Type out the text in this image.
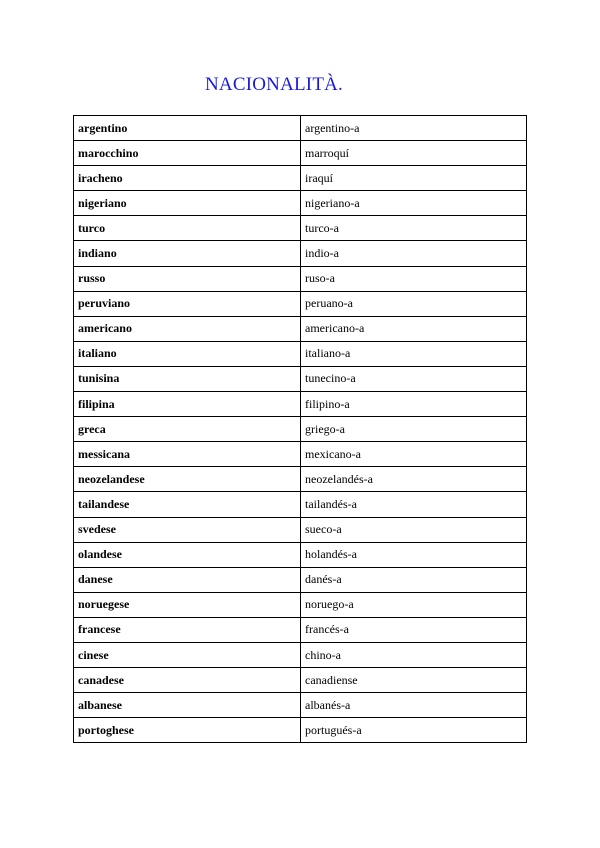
NACIONALITÀ.
argentino	argentino-a
marocchino	marroquí
iracheno	iraquí
nigeriano	nigeriano-a
turco	turco-a
indiano	indio-a
russo	ruso-a
peruviano	peruano-a
americano	americano-a
italiano	italiano-a
tunisina	tunecino-a
filipina	filipino-a
greca	griego-a
messicana	mexicano-a
neozelandese	neozelandés-a
tailandese	tailandés-a
svedese	sueco-a
olandese	holandés-a
danese	danés-a
noruegese	noruego-a
francese	francés-a
cinese	chino-a
canadese	canadiense
albanese	albanés-a
portoghese	portugués-a
